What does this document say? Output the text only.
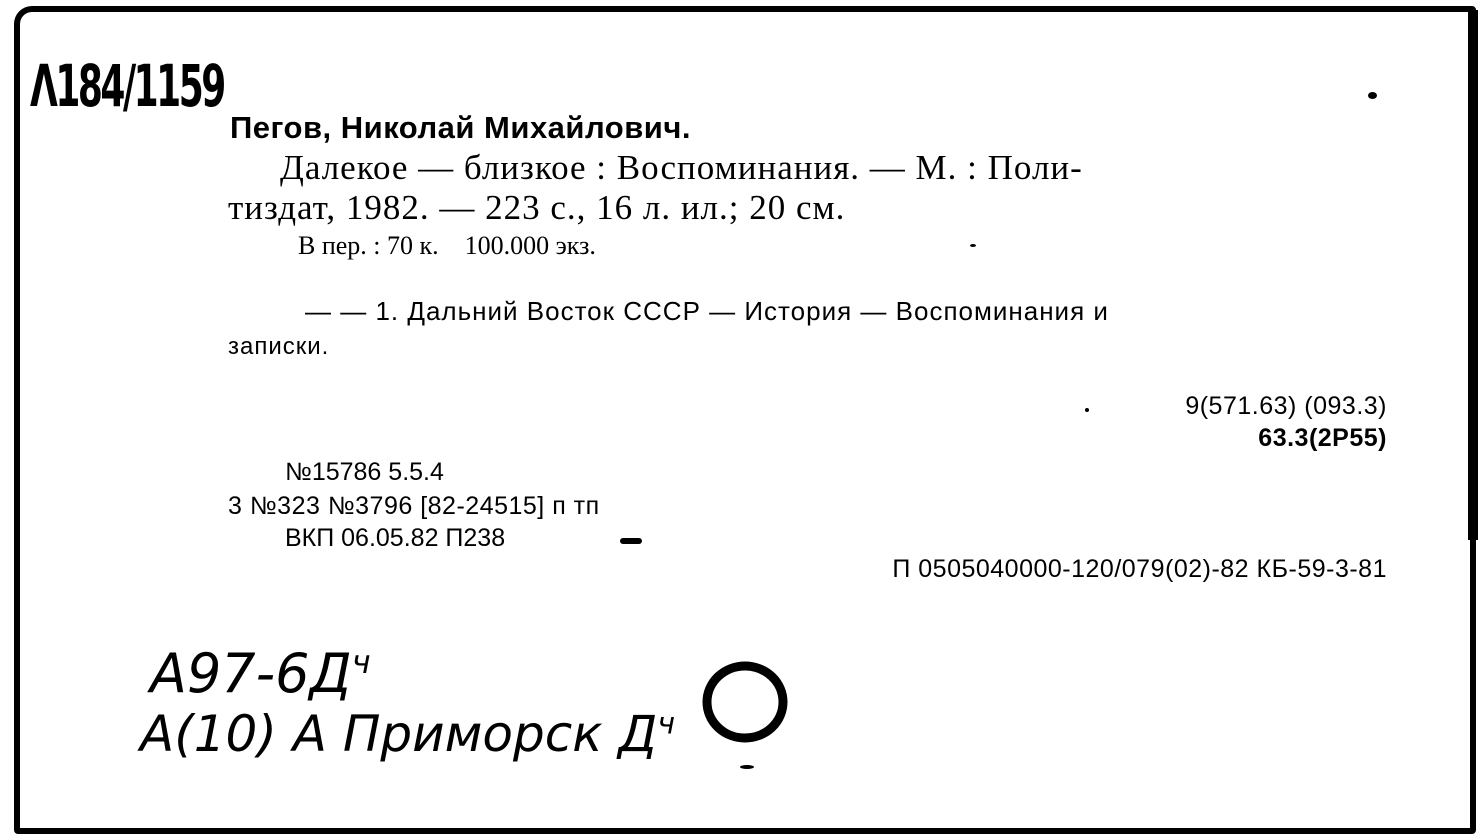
Λ184/1159
Пегов, Николай Михайлович.
Далекое — близкое : Воспоминания. — М. : Поли-
тиздат, 1982. — 223 с., 16 л. ил.; 20 см.
В пер. : 70 к.    100.000 экз.
— — 1. Дальний Восток СССР — История — Воспоминания и
записки.
9(571.63) (093.3)
63.3(2Р55)
№15786 5.5.4
3 №323 №3796 [82-24515] п тп
ВКП 06.05.82 П238
П 0505040000-120/079(02)-82 КБ-59-3-81
$А97-6Д^ч$
А(10) А Приморск $Д^ч$
